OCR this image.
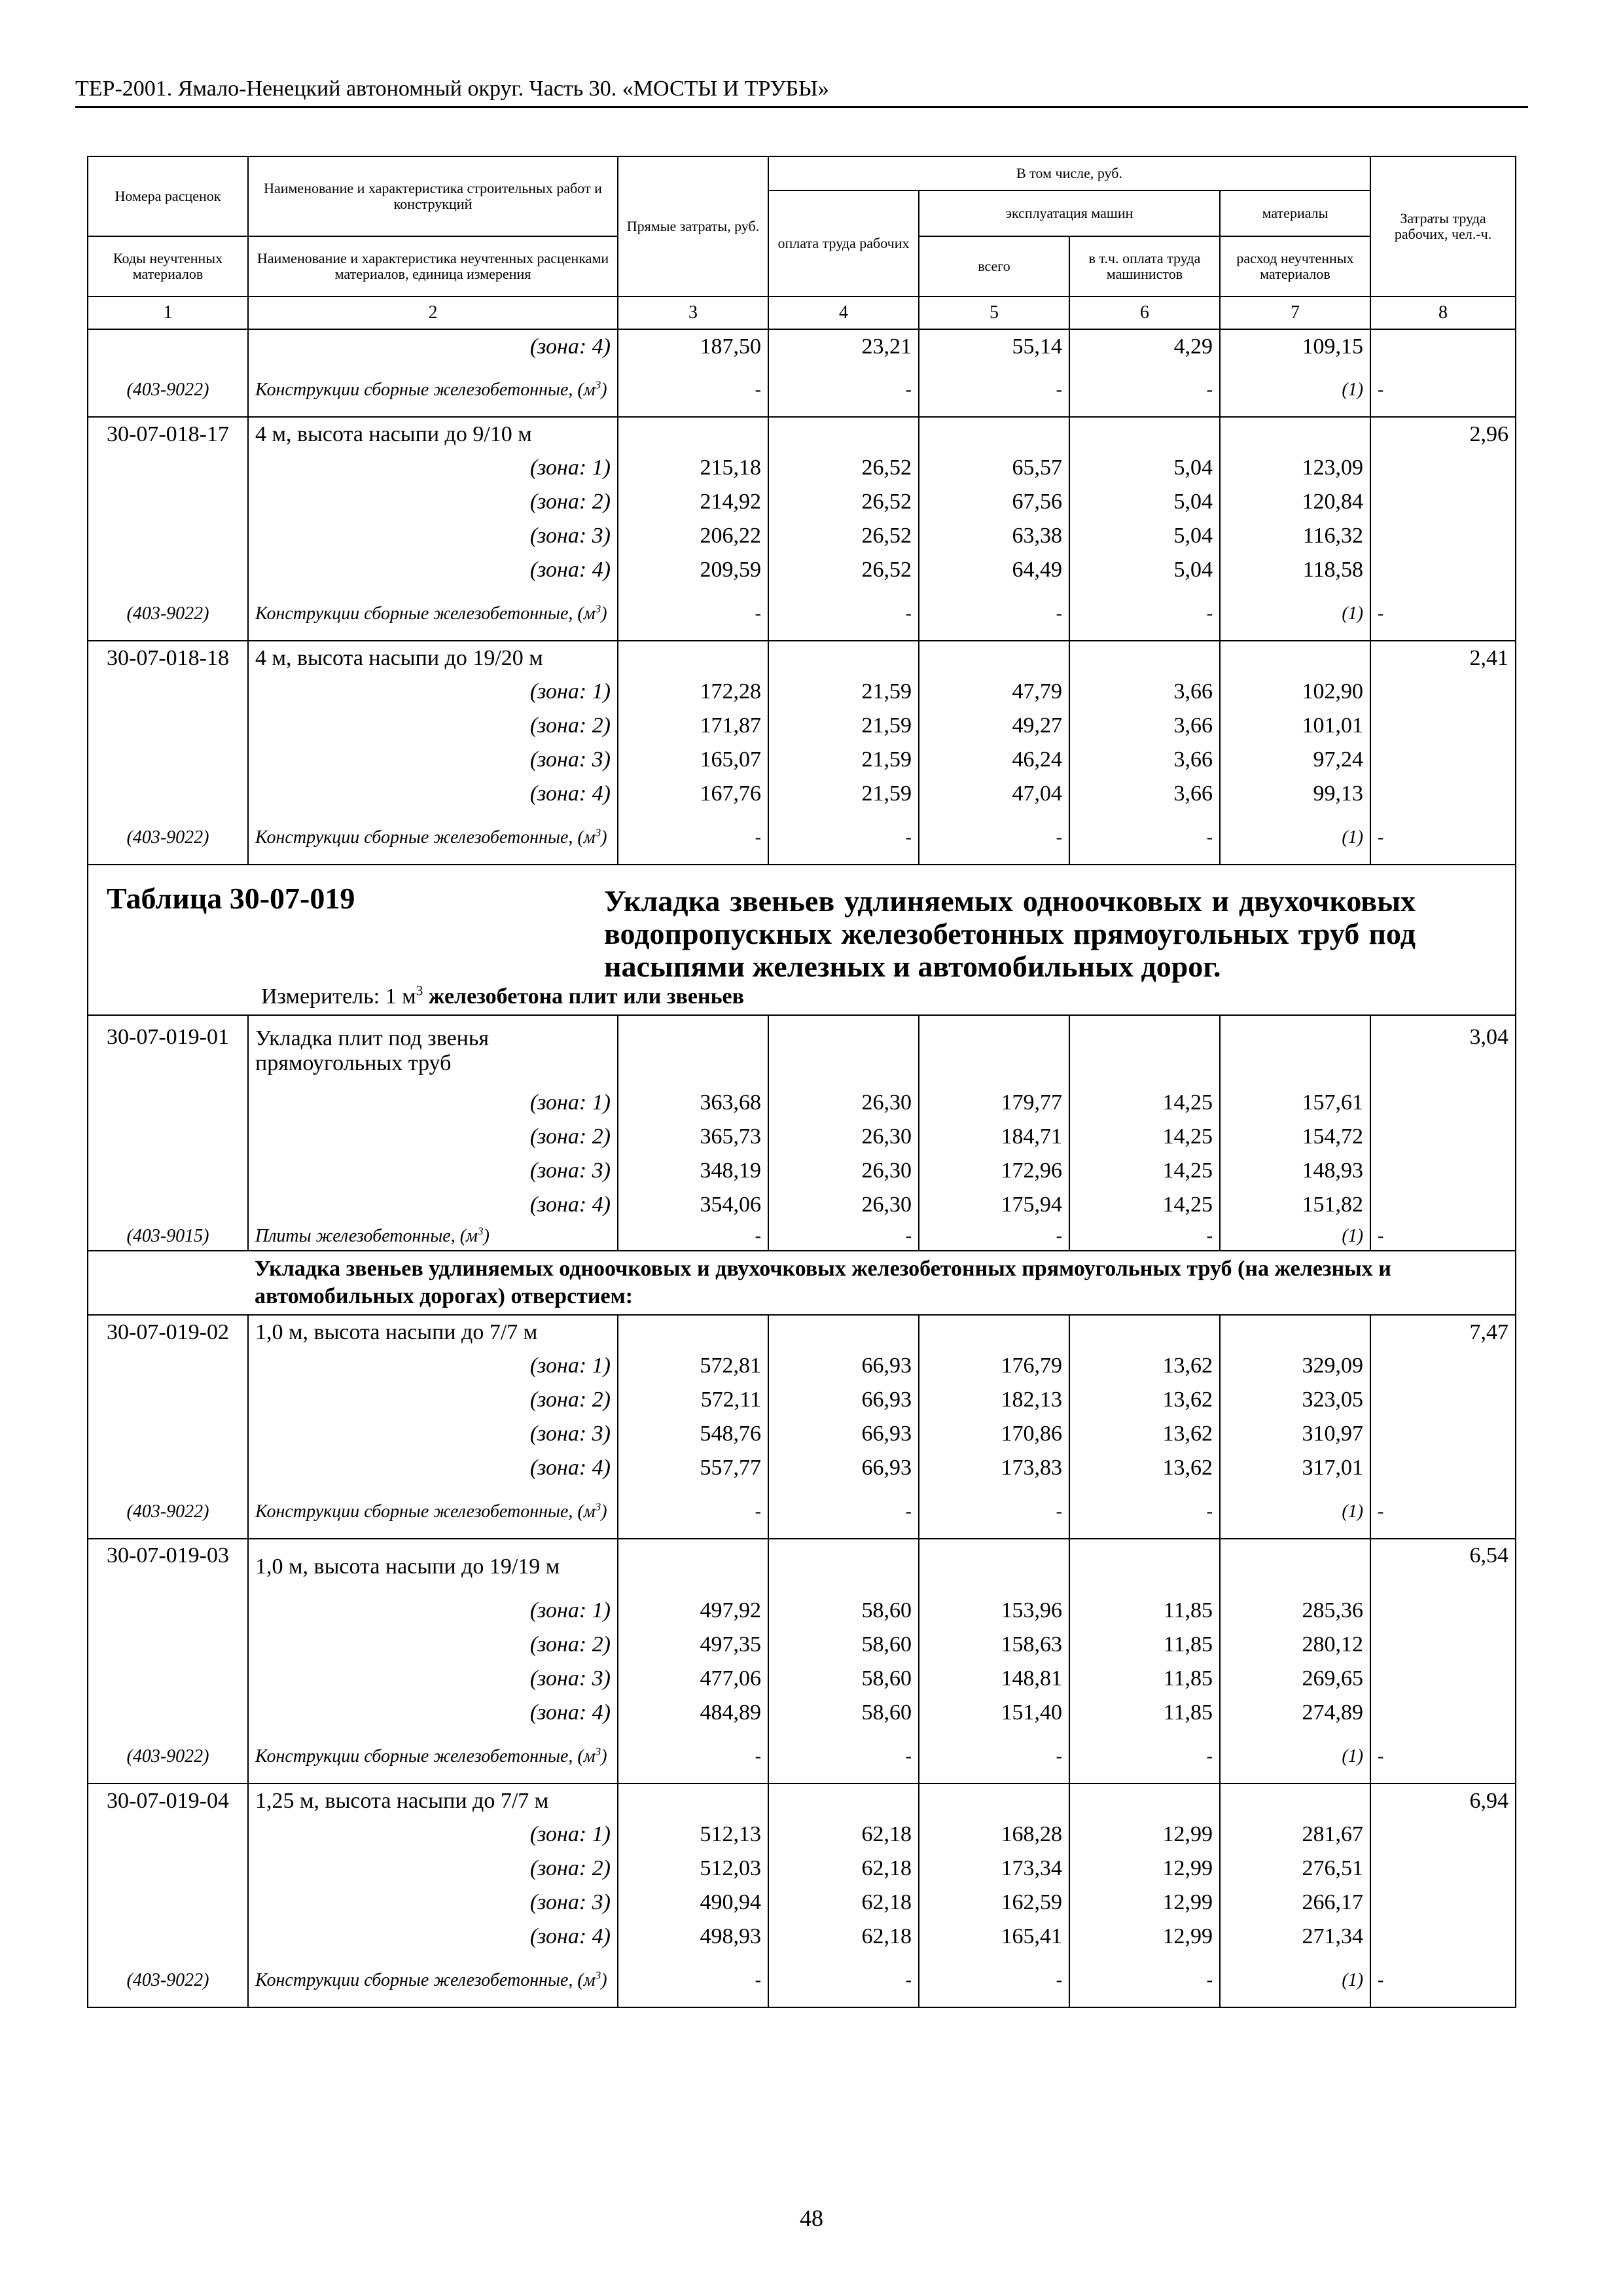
ТЕР-2001. Ямало-Ненецкий автономный округ. Часть 30. «МОСТЫ И ТРУБЫ»
Номера расценок	Наименование и характеристика строительных работ и конструкций	Прямые затраты, руб.	В том числе, руб.				Затраты труда рабочих, чел.-ч.
			оплата труда рабочих	эксплуатация машин		материалы	
Коды неучтенных материалов	Наименование и характеристика неучтенных расценками материалов, единица измерения			всего	в т.ч. оплата труда машинистов	расход неучтенных материалов	
1	2	3	4	5	6	7	8
	(зона: 4)	187,50	23,21	55,14	4,29	109,15	
(403-9022)	Конструкции сборные железобетонные, $(м^3)$	-	-	-	-	(1)	-
30-07-018-17	4 м, высота насыпи до 9/10 м						2,96
	(зона: 1)	215,18	26,52	65,57	5,04	123,09	
	(зона: 2)	214,92	26,52	67,56	5,04	120,84	
	(зона: 3)	206,22	26,52	63,38	5,04	116,32	
	(зона: 4)	209,59	26,52	64,49	5,04	118,58	
(403-9022)	Конструкции сборные железобетонные, $(м^3)$	-	-	-	-	(1)	-
30-07-018-18	4 м, высота насыпи до 19/20 м						2,41
	(зона: 1)	172,28	21,59	47,79	3,66	102,90	
	(зона: 2)	171,87	21,59	49,27	3,66	101,01	
	(зона: 3)	165,07	21,59	46,24	3,66	97,24	
	(зона: 4)	167,76	21,59	47,04	3,66	99,13	
(403-9022)	Конструкции сборные железобетонные, $(м^3)$	-	-	-	-	(1)	-

Таблица 30-07-019 Укладка звеньев удлиняемых одноочковых и двухочковых водопропускных железобетонных прямоугольных труб под насыпями железных и автомобильных дорог.
Измеритель: 1 $м^3$ железобетона плит или звеньев							

30-07-019-01	Укладка плит под звенья прямоугольных труб						3,04
	(зона: 1)	363,68	26,30	179,77	14,25	157,61	
	(зона: 2)	365,73	26,30	184,71	14,25	154,72	
	(зона: 3)	348,19	26,30	172,96	14,25	148,93	
	(зона: 4)	354,06	26,30	175,94	14,25	151,82	
(403-9015)	Плиты железобетонные, $(м^3)$	-	-	-	-	(1)	-
	Укладка звеньев удлиняемых одноочковых и двухочковых железобетонных прямоугольных труб (на железных и автомобильных дорогах) отверстием:						
30-07-019-02	1,0 м, высота насыпи до 7/7 м						7,47
	(зона: 1)	572,81	66,93	176,79	13,62	329,09	
	(зона: 2)	572,11	66,93	182,13	13,62	323,05	
	(зона: 3)	548,76	66,93	170,86	13,62	310,97	
	(зона: 4)	557,77	66,93	173,83	13,62	317,01	
(403-9022)	Конструкции сборные железобетонные, $(м^3)$	-	-	-	-	(1)	-
30-07-019-03	1,0 м, высота насыпи до 19/19 м						6,54
	(зона: 1)	497,92	58,60	153,96	11,85	285,36	
	(зона: 2)	497,35	58,60	158,63	11,85	280,12	
	(зона: 3)	477,06	58,60	148,81	11,85	269,65	
	(зона: 4)	484,89	58,60	151,40	11,85	274,89	
(403-9022)	Конструкции сборные железобетонные, $(м^3)$	-	-	-	-	(1)	-
30-07-019-04	1,25 м, высота насыпи до 7/7 м						6,94
	(зона: 1)	512,13	62,18	168,28	12,99	281,67	
	(зона: 2)	512,03	62,18	173,34	12,99	276,51	
	(зона: 3)	490,94	62,18	162,59	12,99	266,17	
	(зона: 4)	498,93	62,18	165,41	12,99	271,34	
(403-9022)	Конструкции сборные железобетонные, $(м^3)$	-	-	-	-	(1)	-
48
